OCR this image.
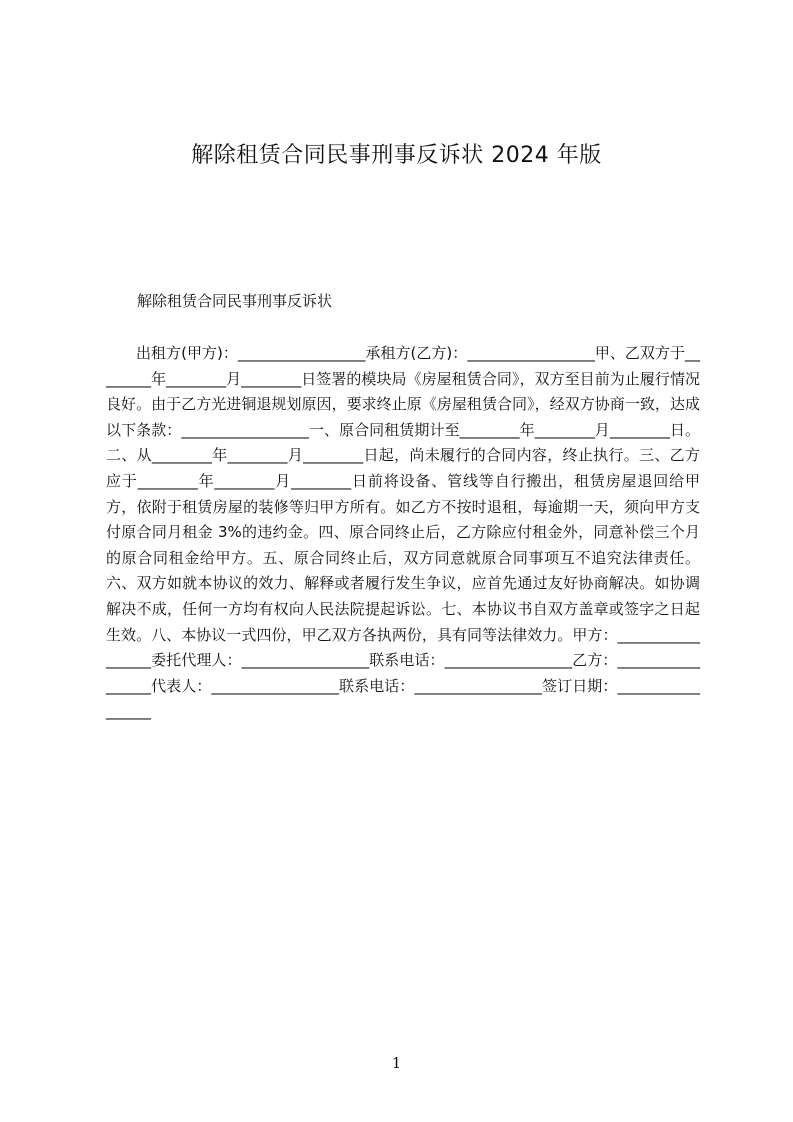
解除租赁合同民事刑事反诉状 2024 年版

解除租赁合同民事刑事反诉状

出租方(甲方)：_________________承租方(乙方)：_________________甲、乙双方于________年________月________日签署的模块局《房屋租赁合同》，双方至目前为止履行情况良好。由于乙方光进铜退规划原因，要求终止原《房屋租赁合同》，经双方协商一致，达成以下条款：_________________一、原合同租赁期计至________年________月________日。二、从________年________月________日起，尚未履行的合同内容，终止执行。三、乙方应于________年________月________日前将设备、管线等自行搬出，租赁房屋退回给甲方，依附于租赁房屋的装修等归甲方所有。如乙方不按时退租，每逾期一天，须向甲方支付原合同月租金 3%的违约金。四、原合同终止后，乙方除应付租金外，同意补偿三个月的原合同租金给甲方。五、原合同终止后，双方同意就原合同事项互不追究法律责任。六、双方如就本协议的效力、解释或者履行发生争议，应首先通过友好协商解决。如协调解决不成，任何一方均有权向人民法院提起诉讼。七、本协议书自双方盖章或签字之日起生效。八、本协议一式四份，甲乙双方各执两份，具有同等法律效力。甲方：_________________委托代理人：_________________联系电话：_________________乙方：_________________代表人：_________________联系电话：_________________签订日期：_________________

1
